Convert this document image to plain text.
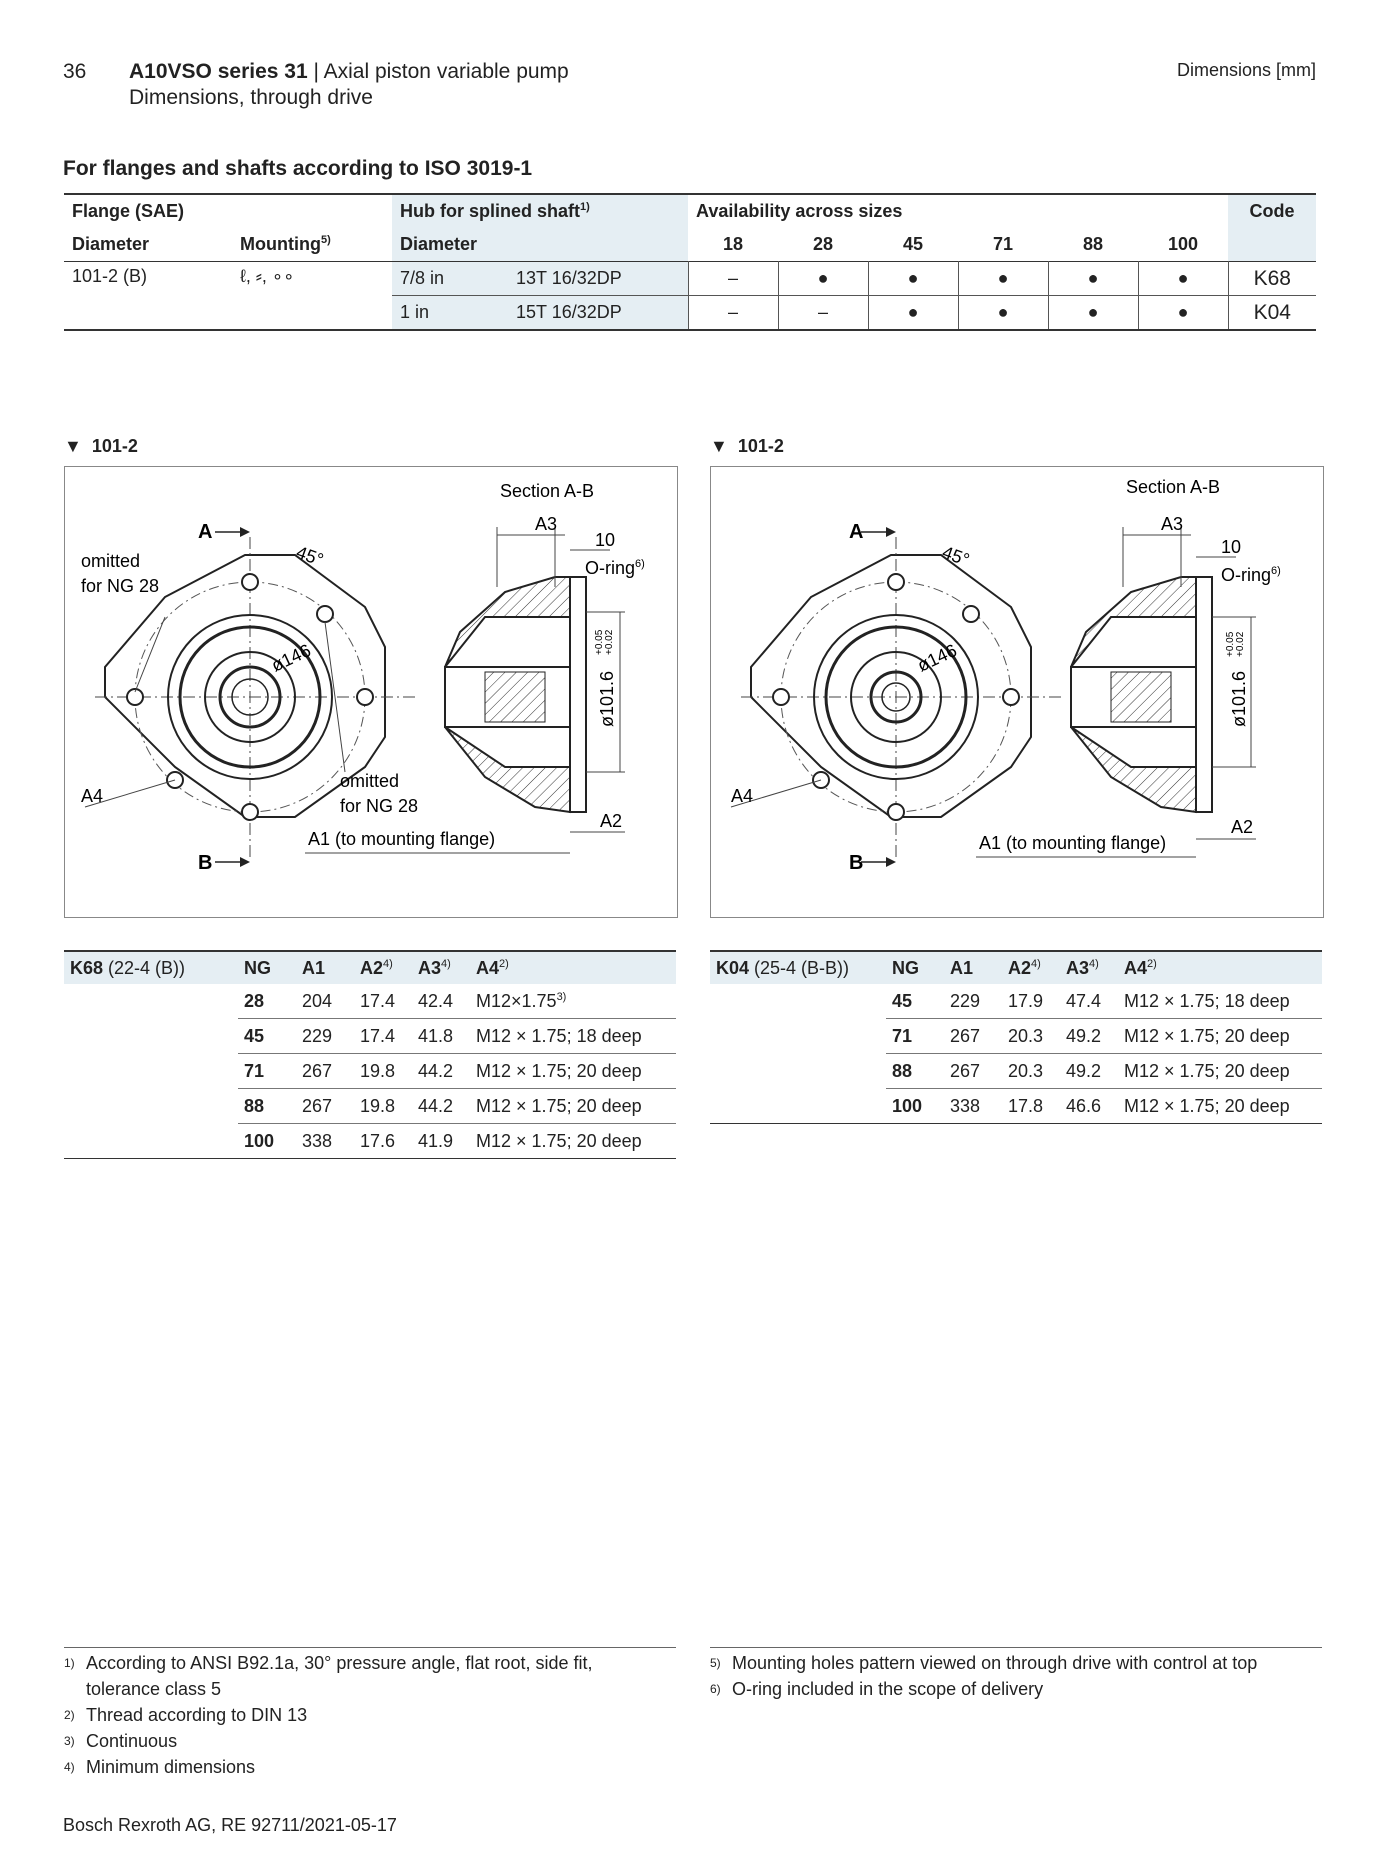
36 A10VSO series 31 | Axial piston variable pump
Dimensions, through drive
Dimensions [mm]
For flanges and shafts according to ISO 3019-1
Flange (SAE)		Hub for splined shaft$^{1)}$		Availability across sizes						Code
Diameter	Mounting$^{5)}$	Diameter		18	28	45	71	88	100	
101-2 (B)	ℓ, ⸗, ∘∘	7/8 in	13T 16/32DP	–	●	●	●	●	●	K68
		1 in	15T 16/32DP	–	–	●	●	●	●	K04
▼  101-2	▼  101-2
A
B
45°
ø146
omitted
for NG 28
omitted
for NG 28
A4
Section A-B
ø101.6
+0.05 +0.02
A3
10
O-ring$^{6)}$
A2
A1 (to mounting flange)
A
B
45°
ø146
A4
Section A-B
ø101.6
+0.05 +0.02
A3
10
O-ring$^{6)}$
A2
A1 (to mounting flange)
K68 (22-4 (B))	NG	A1	A2$^{4)}$	A3$^{4)}$	A4$^{2)}$
	28	204	17.4	42.4	$M12\times 1.75^{3)}$
	45	229	17.4	41.8	M12 × 1.75; 18 deep
	71	267	19.8	44.2	M12 × 1.75; 20 deep
	88	267	19.8	44.2	M12 × 1.75; 20 deep
	100	338	17.6	41.9	M12 × 1.75; 20 deep
K04 (25-4 (B-B))	NG	A1	A2$^{4)}$	A3$^{4)}$	A4$^{2)}$
	45	229	17.9	47.4	M12 × 1.75; 18 deep
	71	267	20.3	49.2	M12 × 1.75; 20 deep
	88	267	20.3	49.2	M12 × 1.75; 20 deep
	100	338	17.8	46.6	M12 × 1.75; 20 deep
1) According to ANSI B92.1a, 30° pressure angle, flat root, side fit,
tolerance class 5
2) Thread according to DIN 13
3) Continuous
4) Minimum dimensions
5) Mounting holes pattern viewed on through drive with control at top
6) O-ring included in the scope of delivery
Bosch Rexroth AG, RE 92711/2021-05-17
